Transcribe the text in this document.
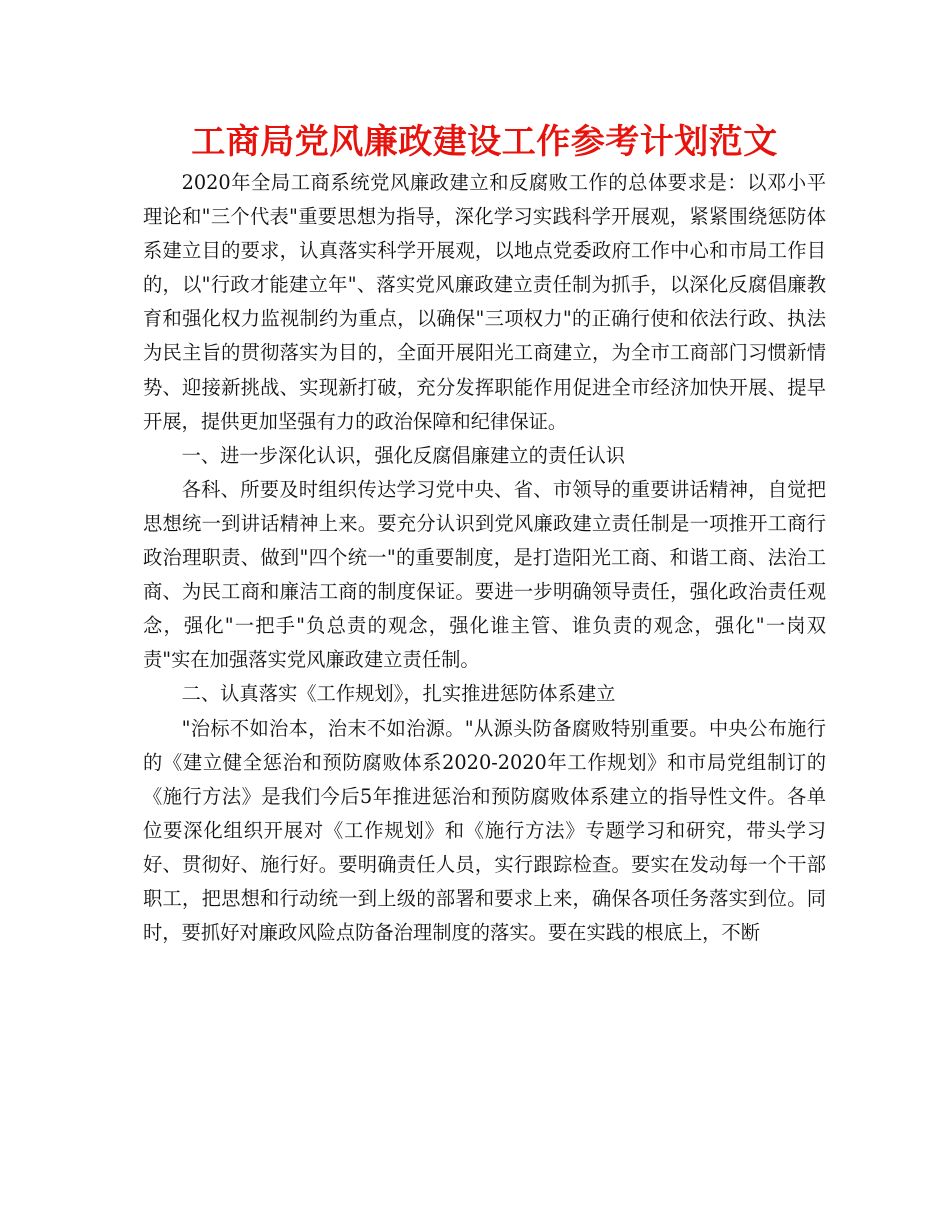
工商局党风廉政建设工作参考计划范文

2020年全局工商系统党风廉政建立和反腐败工作的总体要求是：以邓小平理论和"三个代表"重要思想为指导，深化学习实践科学开展观，紧紧围绕惩防体系建立目的要求，认真落实科学开展观，以地点党委政府工作中心和市局工作目的，以"行政才能建立年"、落实党风廉政建立责任制为抓手，以深化反腐倡廉教育和强化权力监视制约为重点，以确保"三项权力"的正确行使和依法行政、执法为民主旨的贯彻落实为目的，全面开展阳光工商建立，为全市工商部门习惯新情势、迎接新挑战、实现新打破，充分发挥职能作用促进全市经济加快开展、提早开展，提供更加坚强有力的政治保障和纪律保证。

一、进一步深化认识，强化反腐倡廉建立的责任认识

各科、所要及时组织传达学习党中央、省、市领导的重要讲话精神，自觉把思想统一到讲话精神上来。要充分认识到党风廉政建立责任制是一项推开工商行政治理职责、做到"四个统一"的重要制度，是打造阳光工商、和谐工商、法治工商、为民工商和廉洁工商的制度保证。要进一步明确领导责任，强化政治责任观念，强化"一把手"负总责的观念，强化谁主管、谁负责的观念，强化"一岗双责"实在加强落实党风廉政建立责任制。

二、认真落实《工作规划》，扎实推进惩防体系建立

"治标不如治本，治末不如治源。"从源头防备腐败特别重要。中央公布施行的《建立健全惩治和预防腐败体系2020-2020年工作规划》和市局党组制订的《施行方法》是我们今后5年推进惩治和预防腐败体系建立的指导性文件。各单位要深化组织开展对《工作规划》和《施行方法》专题学习和研究，带头学习好、贯彻好、施行好。要明确责任人员，实行跟踪检查。要实在发动每一个干部职工，把思想和行动统一到上级的部署和要求上来，确保各项任务落实到位。同时，要抓好对廉政风险点防备治理制度的落实。要在实践的根底上，不断
